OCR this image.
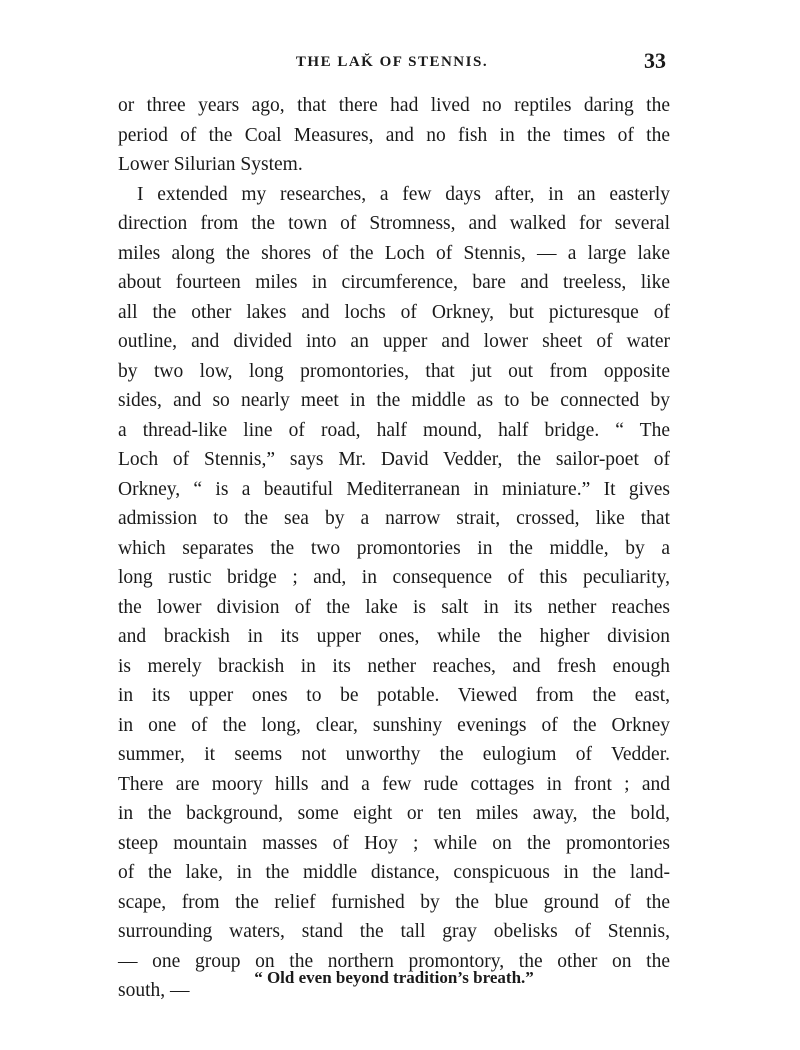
THE LAK̆ OF STENNIS.	33
or three years ago, that there had lived no reptiles daring the
period of the Coal Measures, and no fish in the times of the
Lower Silurian System.
I extended my researches, a few days after, in an easterly
direction from the town of Stromness, and walked for several
miles along the shores of the Loch of Stennis, — a large lake
about fourteen miles in circumference, bare and treeless, like
all the other lakes and lochs of Orkney, but picturesque of
outline, and divided into an upper and lower sheet of water
by two low, long promontories, that jut out from opposite
sides, and so nearly meet in the middle as to be connected by
a thread-like line of road, half mound, half bridge. “ The
Loch of Stennis,” says Mr. David Vedder, the sailor-poet of
Orkney, “ is a beautiful Mediterranean in miniature.” It gives
admission to the sea by a narrow strait, crossed, like that
which separates the two promontories in the middle, by a
long rustic bridge ; and, in consequence of this peculiarity,
the lower division of the lake is salt in its nether reaches
and brackish in its upper ones, while the higher division
is merely brackish in its nether reaches, and fresh enough
in its upper ones to be potable. Viewed from the east,
in one of the long, clear, sunshiny evenings of the Orkney
summer, it seems not unworthy the eulogium of Vedder.
There are moory hills and a few rude cottages in front ; and
in the background, some eight or ten miles away, the bold,
steep mountain masses of Hoy ; while on the promontories
of the lake, in the middle distance, conspicuous in the land-
scape, from the relief furnished by the blue ground of the
surrounding waters, stand the tall gray obelisks of Stennis,
— one group on the northern promontory, the other on the
south, —
“ Old even beyond tradition’s breath.”
